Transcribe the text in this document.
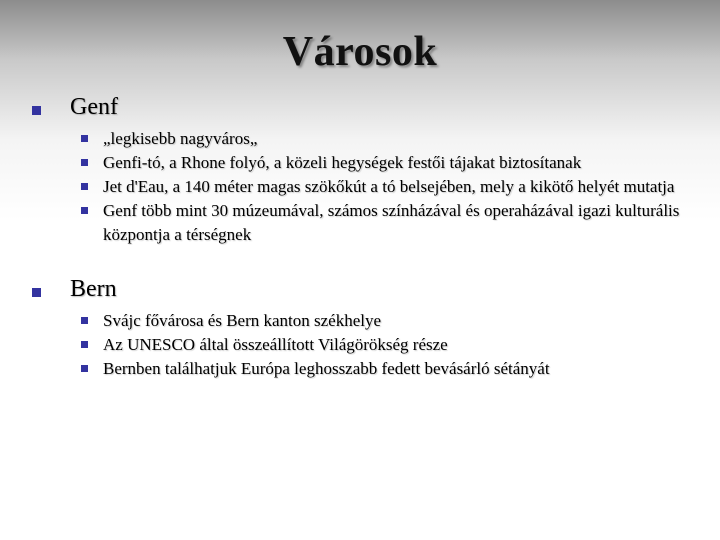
Városok
Genf
„legkisebb nagyváros„
Genfi-tó, a Rhone folyó, a közeli hegységek festői tájakat biztosítanak
Jet d'Eau, a 140 méter magas szökőkút a tó belsejében, mely a kikötő helyét mutatja
Genf több mint 30 múzeumával, számos színházával és operaházával igazi kulturális központja a térségnek
Bern
Svájc fővárosa és Bern kanton székhelye
Az UNESCO által összeállított Világörökség része
Bernben találhatjuk Európa leghosszabb fedett bevásárló sétányát
